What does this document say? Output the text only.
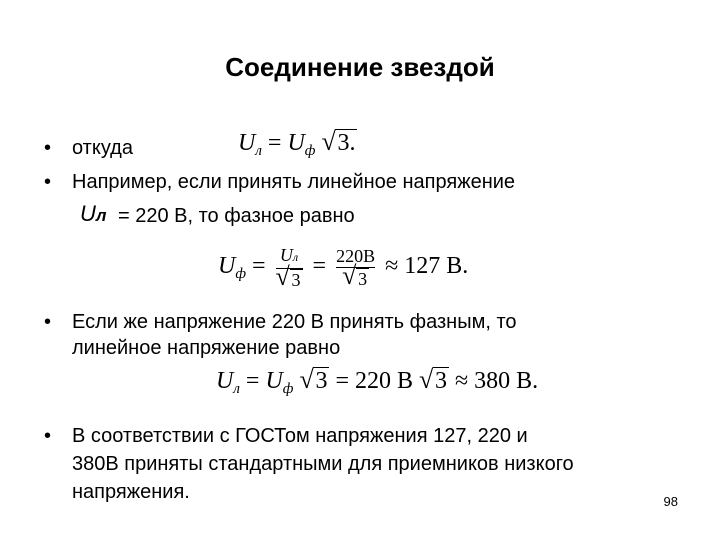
Соединение звездой
• откуда	$U_л = U_ф$ √ 3.
• Например, если принять линейное напряжение
Uл = 220 В, то фазное равно
$U_ф$ = Uл
√ 3 = 220В
√ 3 ≈ 127 В.
• Если же напряжение 220 В принять фазным, то
линейное напряжение равно
$U_л = U_ф$ √ 3 = 220 В √ 3 ≈ 380 В.
• В соответствии с ГОСТом напряжения 127, 220 и
380В приняты стандартными для приемников низкого
напряжения.	98
